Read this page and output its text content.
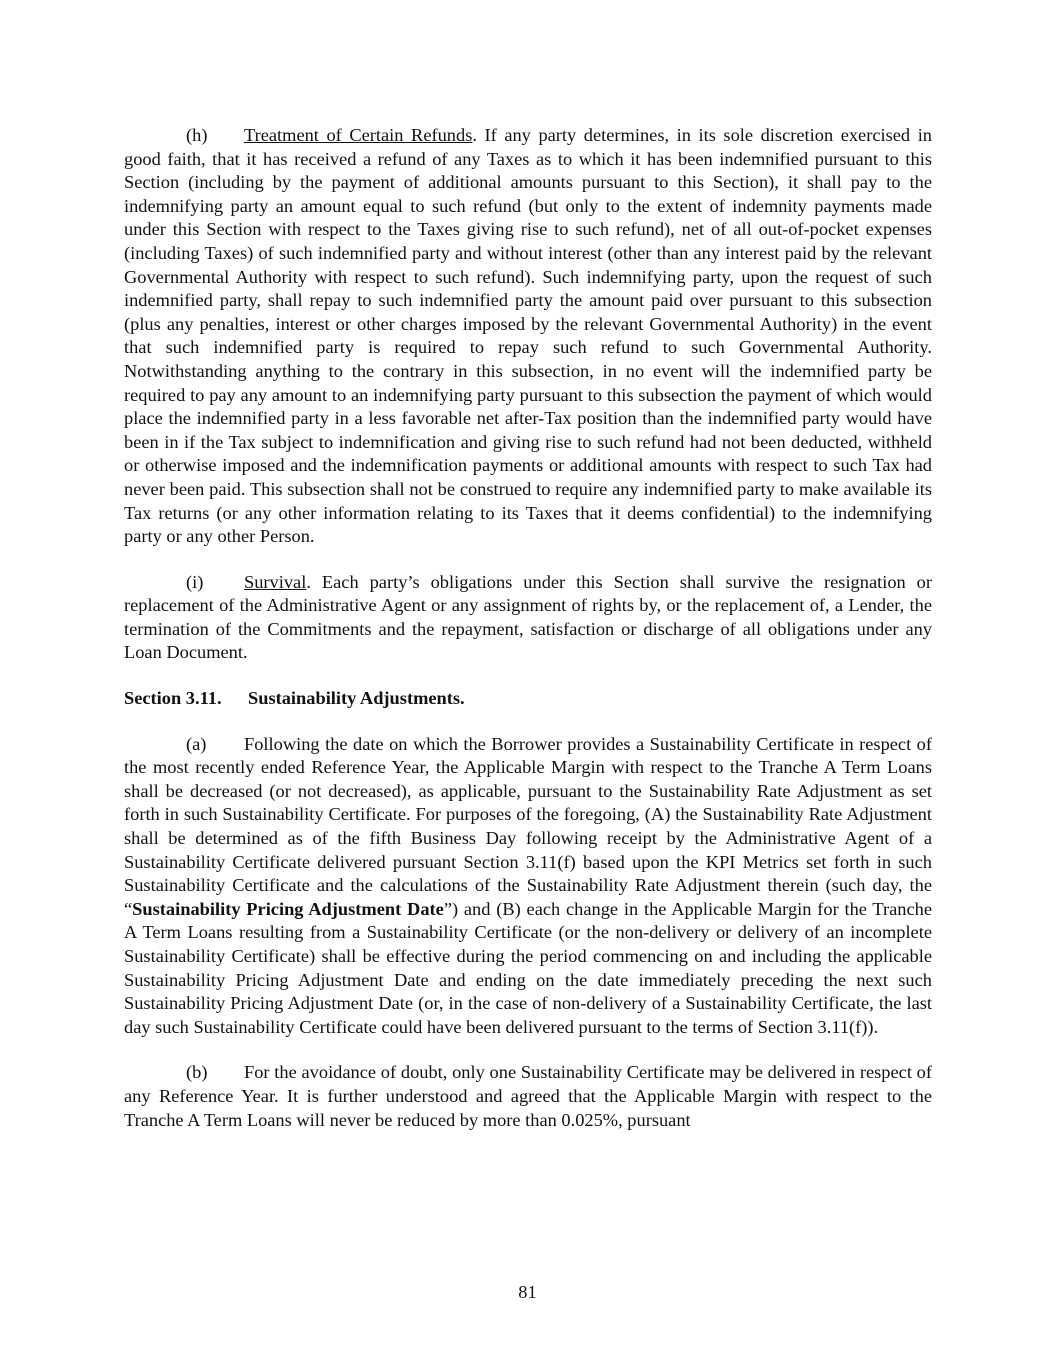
(h) Treatment of Certain Refunds. If any party determines, in its sole discretion exercised in good faith, that it has received a refund of any Taxes as to which it has been indemnified pursuant to this Section (including by the payment of additional amounts pursuant to this Section), it shall pay to the indemnifying party an amount equal to such refund (but only to the extent of indemnity payments made under this Section with respect to the Taxes giving rise to such refund), net of all out-of-pocket expenses (including Taxes) of such indemnified party and without interest (other than any interest paid by the relevant Governmental Authority with respect to such refund). Such indemnifying party, upon the request of such indemnified party, shall repay to such indemnified party the amount paid over pursuant to this subsection (plus any penalties, interest or other charges imposed by the relevant Governmental Authority) in the event that such indemnified party is required to repay such refund to such Governmental Authority. Notwithstanding anything to the contrary in this subsection, in no event will the indemnified party be required to pay any amount to an indemnifying party pursuant to this subsection the payment of which would place the indemnified party in a less favorable net after-Tax position than the indemnified party would have been in if the Tax subject to indemnification and giving rise to such refund had not been deducted, withheld or otherwise imposed and the indemnification payments or additional amounts with respect to such Tax had never been paid. This subsection shall not be construed to require any indemnified party to make available its Tax returns (or any other information relating to its Taxes that it deems confidential) to the indemnifying party or any other Person.

(i) Survival. Each party’s obligations under this Section shall survive the resignation or replacement of the Administrative Agent or any assignment of rights by, or the replacement of, a Lender, the termination of the Commitments and the repayment, satisfaction or discharge of all obligations under any Loan Document.

Section 3.11. Sustainability Adjustments.

(a) Following the date on which the Borrower provides a Sustainability Certificate in respect of the most recently ended Reference Year, the Applicable Margin with respect to the Tranche A Term Loans shall be decreased (or not decreased), as applicable, pursuant to the Sustainability Rate Adjustment as set forth in such Sustainability Certificate. For purposes of the foregoing, (A) the Sustainability Rate Adjustment shall be determined as of the fifth Business Day following receipt by the Administrative Agent of a Sustainability Certificate delivered pursuant Section 3.11(f) based upon the KPI Metrics set forth in such Sustainability Certificate and the calculations of the Sustainability Rate Adjustment therein (such day, the “Sustainability Pricing Adjustment Date”) and (B) each change in the Applicable Margin for the Tranche A Term Loans resulting from a Sustainability Certificate (or the non-delivery or delivery of an incomplete Sustainability Certificate) shall be effective during the period commencing on and including the applicable Sustainability Pricing Adjustment Date and ending on the date immediately preceding the next such Sustainability Pricing Adjustment Date (or, in the case of non-delivery of a Sustainability Certificate, the last day such Sustainability Certificate could have been delivered pursuant to the terms of Section 3.11(f)).

(b) For the avoidance of doubt, only one Sustainability Certificate may be delivered in respect of any Reference Year. It is further understood and agreed that the Applicable Margin with respect to the Tranche A Term Loans will never be reduced by more than 0.025%, pursuant

81
